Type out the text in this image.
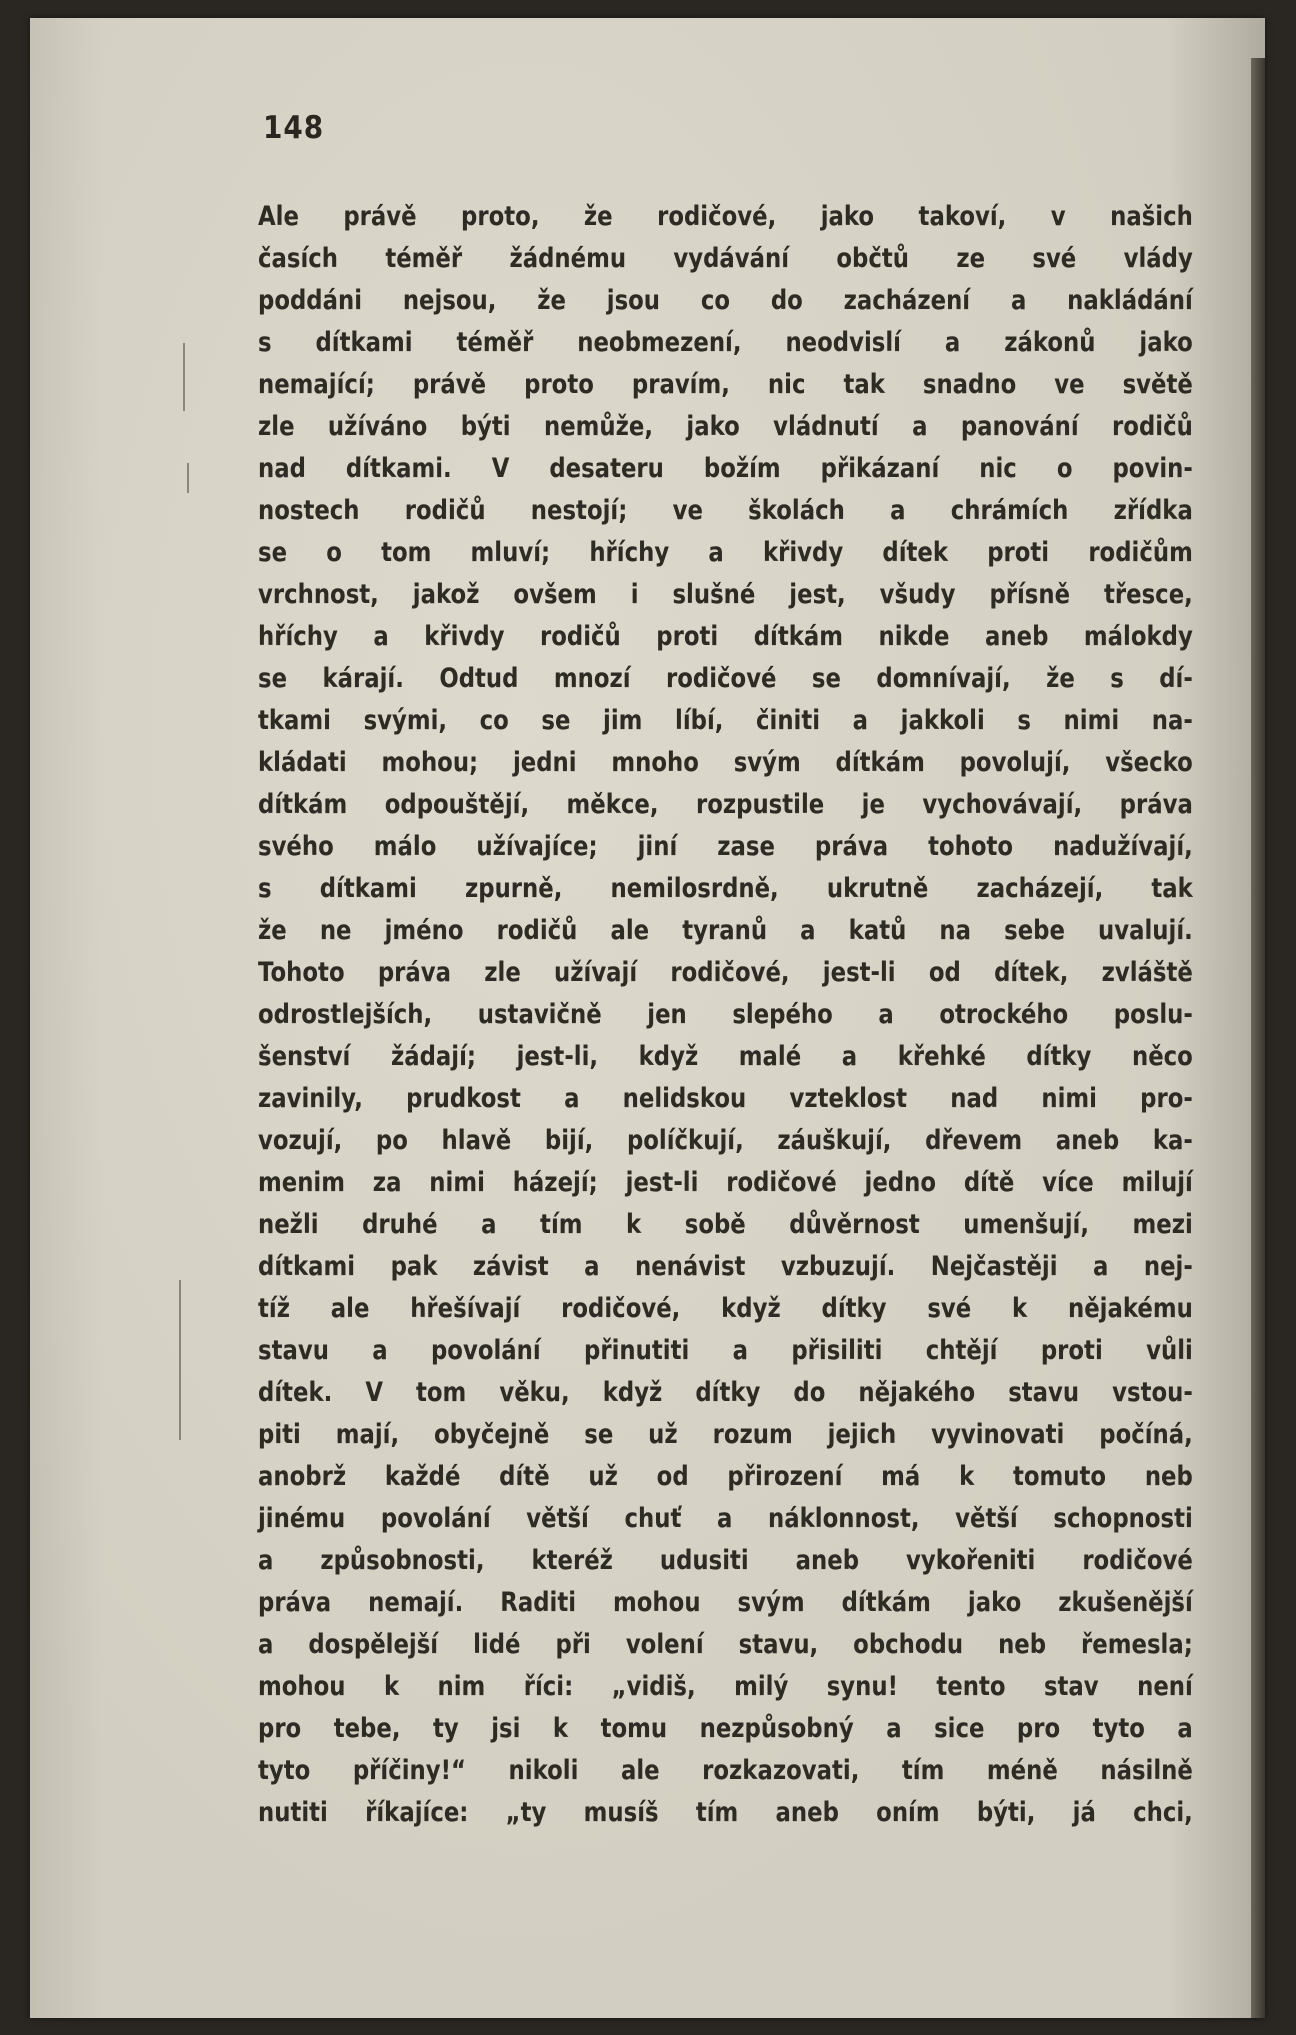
148

Ale právě proto, že rodičové, jako takoví, v našich
časích téměř žádnému vydávání občtů ze své vlády
poddáni nejsou, že jsou co do zacházení a nakládání
s dítkami téměř neobmezení, neodvislí a zákonů jako
nemající; právě proto pravím, nic tak snadno ve světě
zle užíváno býti nemůže, jako vládnutí a panování rodičů
nad dítkami. V desateru božím přikázaní nic o povin-
nostech rodičů nestojí; ve školách a chrámích zřídka
se o tom mluví; hříchy a křivdy dítek proti rodičům
vrchnost, jakož ovšem i slušné jest, všudy přísně třesce,
hříchy a křivdy rodičů proti dítkám nikde aneb málokdy
se kárají. Odtud mnozí rodičové se domnívají, že s dí-
tkami svými, co se jim líbí, činiti a jakkoli s nimi na-
kládati mohou; jedni mnoho svým dítkám povolují, všecko
dítkám odpouštějí, měkce, rozpustile je vychovávají, práva
svého málo užívajíce; jiní zase práva tohoto nadužívají,
s dítkami zpurně, nemilosrdně, ukrutně zacházejí, tak
že ne jméno rodičů ale tyranů a katů na sebe uvalují.
Tohoto práva zle užívají rodičové, jest-li od dítek, zvláště
odrostlejších, ustavičně jen slepého a otrockého poslu-
šenství žádají; jest-li, když malé a křehké dítky něco
zavinily, prudkost a nelidskou vzteklost nad nimi pro-
vozují, po hlavě bijí, políčkují, záuškují, dřevem aneb ka-
menim za nimi házejí; jest-li rodičové jedno dítě více milují
nežli druhé a tím k sobě důvěrnost umenšují, mezi
dítkami pak závist a nenávist vzbuzují. Nejčastěji a nej-
tíž ale hřešívají rodičové, když dítky své k nějakému
stavu a povolání přinutiti a přisiliti chtějí proti vůli
dítek. V tom věku, když dítky do nějakého stavu vstou-
piti mají, obyčejně se už rozum jejich vyvinovati počíná,
anobrž každé dítě už od přirození má k tomuto neb
jinému povolání větší chuť a náklonnost, větší schopnosti
a způsobnosti, kteréž udusiti aneb vykořeniti rodičové
práva nemají. Raditi mohou svým dítkám jako zkušenější
a dospělejší lidé při volení stavu, obchodu neb řemesla;
mohou k nim říci: „vidiš, milý synu! tento stav není
pro tebe, ty jsi k tomu nezpůsobný a sice pro tyto a
tyto příčiny!“ nikoli ale rozkazovati, tím méně násilně
nutiti říkajíce: „ty musíš tím aneb oním býti, já chci,
